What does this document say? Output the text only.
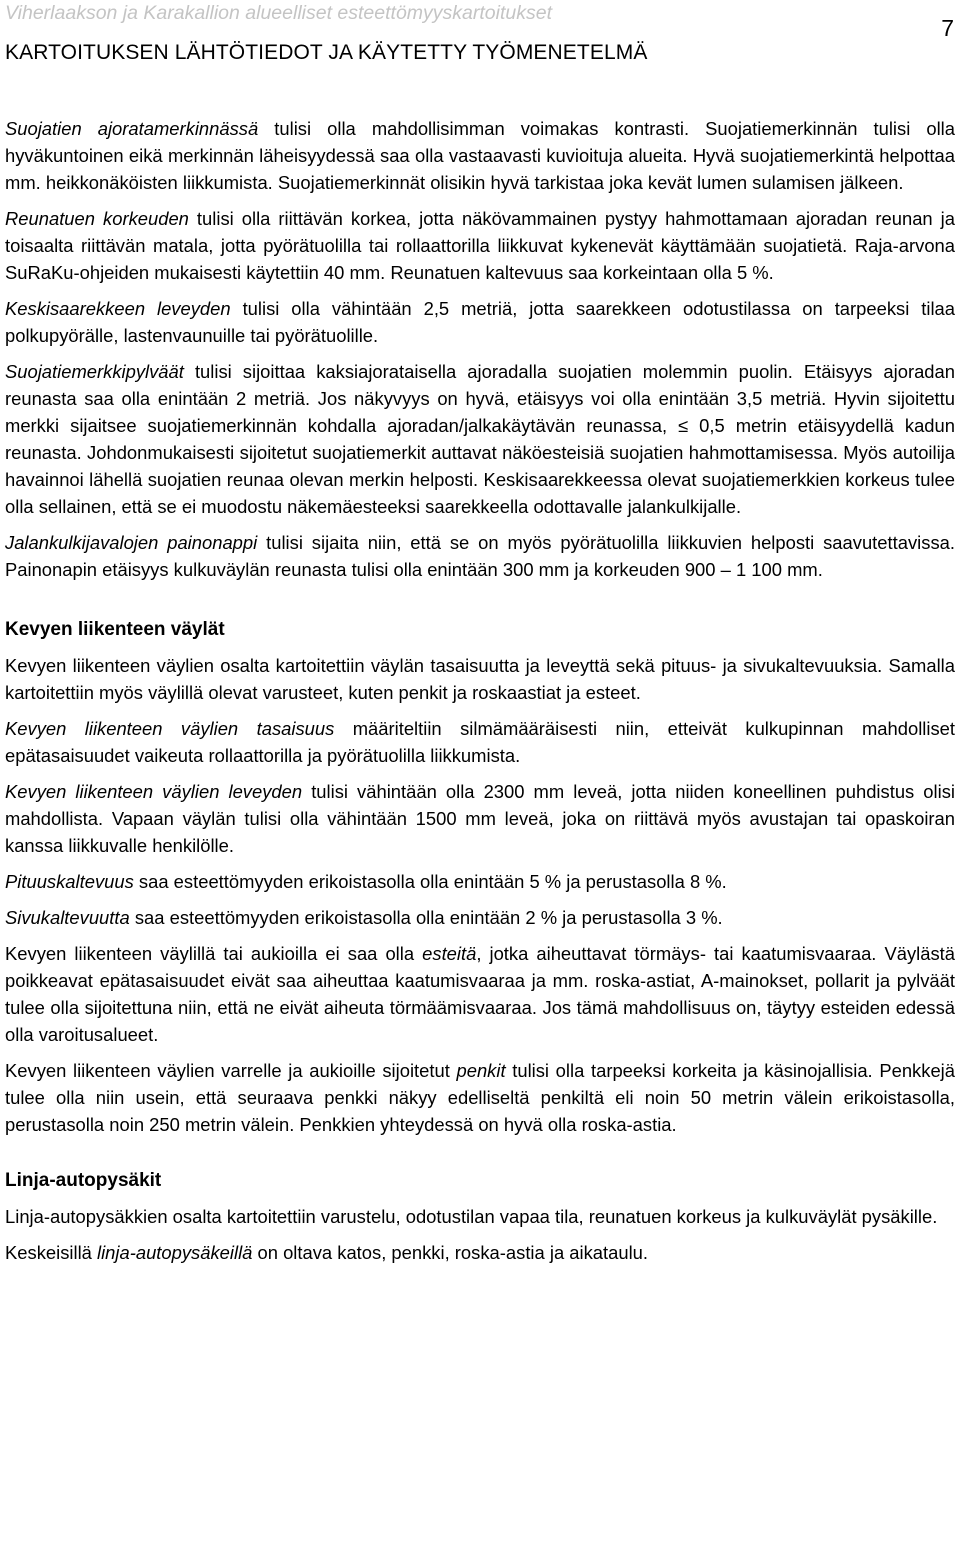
Viherlaakson ja Karakallion alueelliset esteettömyyskartoitukset
KARTOITUKSEN LÄHTÖTIEDOT JA KÄYTETTY TYÖMENETELMÄ
7

Suojatien ajoratamerkinnässä tulisi olla mahdollisimman voimakas kontrasti. Suojatiemerkinnän tulisi olla hyväkuntoinen eikä merkinnän läheisyydessä saa olla vastaavasti kuvioituja alueita. Hyvä suojatiemerkintä helpottaa mm. heikkonäköisten liikkumista. Suojatiemerkinnät olisikin hyvä tarkistaa joka kevät lumen sulamisen jälkeen.

Reunatuen korkeuden tulisi olla riittävän korkea, jotta näkövammainen pystyy hahmottamaan ajoradan reunan ja toisaalta riittävän matala, jotta pyörätuolilla tai rollaattorilla liikkuvat kykenevät käyttämään suojatietä. Raja-arvona SuRaKu-ohjeiden mukaisesti käytettiin 40 mm. Reunatuen kaltevuus saa korkeintaan olla 5 %.

Keskisaarekkeen leveyden tulisi olla vähintään 2,5 metriä, jotta saarekkeen odotustilassa on tarpeeksi tilaa polkupyörälle, lastenvaunuille tai pyörätuolille.

Suojatiemerkkipylväät tulisi sijoittaa kaksiajorataisella ajoradalla suojatien molemmin puolin. Etäisyys ajoradan reunasta saa olla enintään 2 metriä. Jos näkyvyys on hyvä, etäisyys voi olla enintään 3,5 metriä. Hyvin sijoitettu merkki sijaitsee suojatiemerkinnän kohdalla ajoradan/jalkakäytävän reunassa, ≤ 0,5 metrin etäisyydellä kadun reunasta. Johdonmukaisesti sijoitetut suojatiemerkit auttavat näköesteisiä suojatien hahmottamisessa. Myös autoilija havainnoi lähellä suojatien reunaa olevan merkin helposti. Keskisaarekkeessa olevat suojatiemerkkien korkeus tulee olla sellainen, että se ei muodostu näkemäesteeksi saarekkeella odottavalle jalankulkijalle.

Jalankulkijavalojen painonappi tulisi sijaita niin, että se on myös pyörätuolilla liikkuvien helposti saavutettavissa. Painonapin etäisyys kulkuväylän reunasta tulisi olla enintään 300 mm ja korkeuden 900 – 1 100 mm.

Kevyen liikenteen väylät

Kevyen liikenteen väylien osalta kartoitettiin väylän tasaisuutta ja leveyttä sekä pituus- ja sivukaltevuuksia. Samalla kartoitettiin myös väylillä olevat varusteet, kuten penkit ja roskaastiat ja esteet.

Kevyen liikenteen väylien tasaisuus määriteltiin silmämääräisesti niin, etteivät kulkupinnan mahdolliset epätasaisuudet vaikeuta rollaattorilla ja pyörätuolilla liikkumista.

Kevyen liikenteen väylien leveyden tulisi vähintään olla 2300 mm leveä, jotta niiden koneellinen puhdistus olisi mahdollista. Vapaan väylän tulisi olla vähintään 1500 mm leveä, joka on riittävä myös avustajan tai opaskoiran kanssa liikkuvalle henkilölle.

Pituuskaltevuus saa esteettömyyden erikoistasolla olla enintään 5 % ja perustasolla 8 %.

Sivukaltevuutta saa esteettömyyden erikoistasolla olla enintään 2 % ja perustasolla 3 %.

Kevyen liikenteen väylillä tai aukioilla ei saa olla esteitä, jotka aiheuttavat törmäys- tai kaatumisvaaraa. Väylästä poikkeavat epätasaisuudet eivät saa aiheuttaa kaatumisvaaraa ja mm. roska-astiat, A-mainokset, pollarit ja pylväät tulee olla sijoitettuna niin, että ne eivät aiheuta törmäämisvaaraa. Jos tämä mahdollisuus on, täytyy esteiden edessä olla varoitusalueet.

Kevyen liikenteen väylien varrelle ja aukioille sijoitetut penkit tulisi olla tarpeeksi korkeita ja käsinojallisia. Penkkejä tulee olla niin usein, että seuraava penkki näkyy edelliseltä penkiltä eli noin 50 metrin välein erikoistasolla, perustasolla noin 250 metrin välein. Penkkien yhteydessä on hyvä olla roska-astia.

Linja-autopysäkit

Linja-autopysäkkien osalta kartoitettiin varustelu, odotustilan vapaa tila, reunatuen korkeus ja kulkuväylät pysäkille.

Keskeisillä linja-autopysäkeillä on oltava katos, penkki, roska-astia ja aikataulu.
